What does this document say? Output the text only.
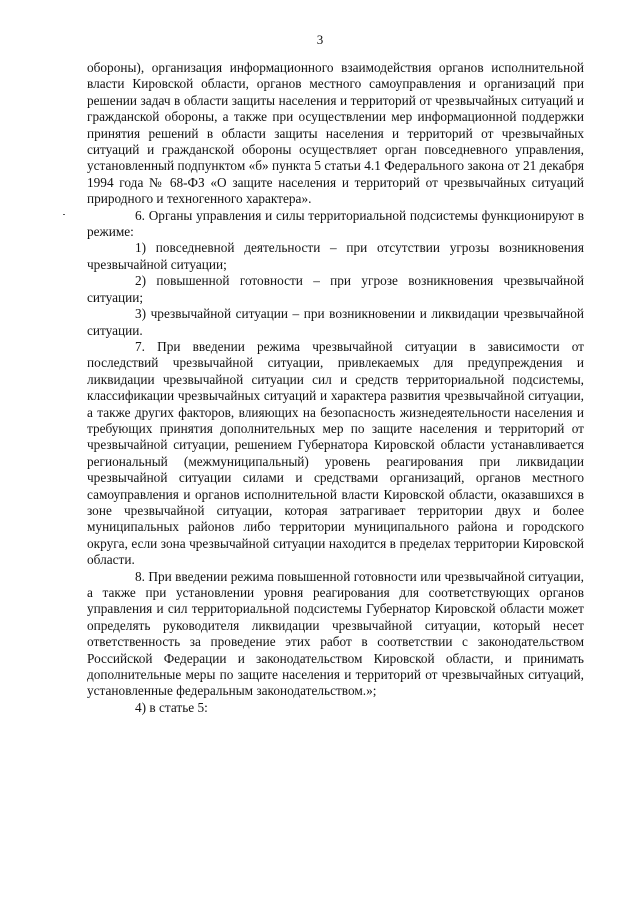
3

обороны), организация информационного взаимодействия органов исполнительной власти Кировской области, органов местного самоуправления и организаций при решении задач в области защиты населения и территорий от чрезвычайных ситуаций и гражданской обороны, а также при осуществлении мер информационной поддержки принятия решений в области защиты населения и территорий от чрезвычайных ситуаций и гражданской обороны осуществляет орган повседневного управления, установленный подпунктом «б» пункта 5 статьи 4.1 Федерального закона от 21 декабря 1994 года № 68-ФЗ «О защите населения и территорий от чрезвычайных ситуаций природного и техногенного характера».

6. Органы управления и силы территориальной подсистемы функционируют в режиме:

1) повседневной деятельности – при отсутствии угрозы возникновения чрезвычайной ситуации;

2) повышенной готовности – при угрозе возникновения чрезвычайной ситуации;

3) чрезвычайной ситуации – при возникновении и ликвидации чрезвычайной ситуации.

7. При введении режима чрезвычайной ситуации в зависимости от последствий чрезвычайной ситуации, привлекаемых для предупреждения и ликвидации чрезвычайной ситуации сил и средств территориальной подсистемы, классификации чрезвычайных ситуаций и характера развития чрезвычайной ситуации, а также других факторов, влияющих на безопасность жизнедеятельности населения и требующих принятия дополнительных мер по защите населения и территорий от чрезвычайной ситуации, решением Губернатора Кировской области устанавливается региональный (межмуниципальный) уровень реагирования при ликвидации чрезвычайной ситуации силами и средствами организаций, органов местного самоуправления и органов исполнительной власти Кировской области, оказавшихся в зоне чрезвычайной ситуации, которая затрагивает территории двух и более муниципальных районов либо территории муниципального района и городского округа, если зона чрезвычайной ситуации находится в пределах территории Кировской области.

8. При введении режима повышенной готовности или чрезвычайной ситуации, а также при установлении уровня реагирования для соответствующих органов управления и сил территориальной подсистемы Губернатор Кировской области может определять руководителя ликвидации чрезвычайной ситуации, который несет ответственность за проведение этих работ в соответствии с законодательством Российской Федерации и законодательством Кировской области, и принимать дополнительные меры по защите населения и территорий от чрезвычайных ситуаций, установленные федеральным законодательством.»;

4) в статье 5:
